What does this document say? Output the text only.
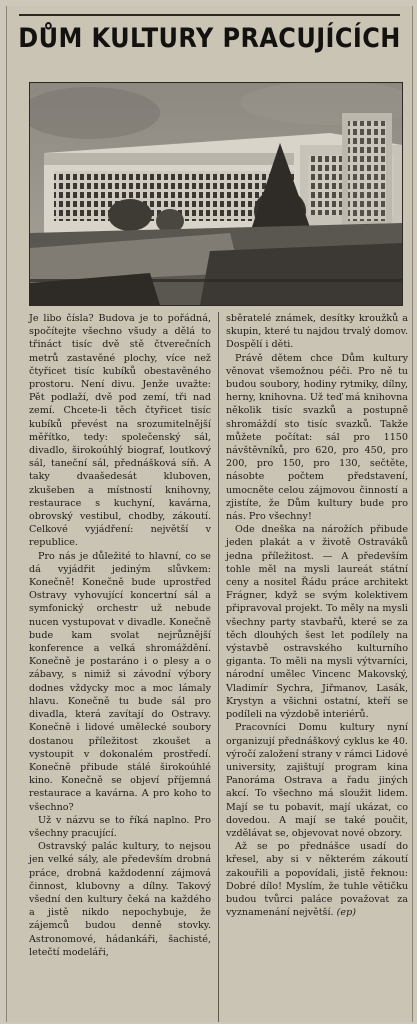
DŮM KULTURY PRACUJÍCÍCH

Je libo čísla? Budova je to pořádná, spočítejte všechno všudy a dělá to třináct tisíc dvě stě čtverečních metrů zastavěné plochy, více než čtyřicet tisíc kubíků obestavěného prostoru. Není divu. Jenže uvažte: Pět podlaží, dvě pod zemí, tři nad zemí. Chcete-li těch čtyřicet tisíc kubíků převést na srozumitelnější měřítko, tedy: společenský sál, divadlo, širokoúhlý biograf, loutkový sál, taneční sál, přednášková síň. A taky dvaašedesát kluboven, zkušeben a místností knihovny, restaurace s kuchyní, kavárna, obrovský vestibul, chodby, zákoutí. Celkové vyjádření: největší v republice.

Pro nás je důležité to hlavní, co se dá vyjádřit jediným slůvkem: Konečně! Konečně bude uprostřed Ostravy vyhovující koncertní sál a symfonický orchestr už nebude nucen vystupovat v divadle. Konečně bude kam svolat nejrůznější konference a velká shromáždění. Konečně je postaráno i o plesy a o zábavy, s nimiž si závodní výbory dodnes vždycky moc a moc lámaly hlavu. Konečně tu bude sál pro divadla, která zavítají do Ostravy. Konečně i lidové umělecké soubory dostanou příležitost zkoušet a vystoupit v dokonalém prostředí. Konečně přibude stálé širokoúhlé kino. Konečně se objeví příjemná restaurace a kavárna. A pro koho to všechno?

Už v názvu se to říká naplno. Pro všechny pracující.

Ostravský palác kultury, to nejsou jen velké sály, ale především drobná práce, drobná každodenní zájmová činnost, klubovny a dílny. Takový všední den kultury čeká na každého a jistě nikdo nepochybuje, že zájemců budou denně stovky. Astronomové, hádankáři, šachisté, letečtí modeláři,

sběratelé známek, desítky kroužků a skupin, které tu najdou trvalý domov. Dospělí i děti.

Právě dětem chce Dům kultury věnovat všemožnou péči. Pro ně tu budou soubory, hodiny rytmiky, dílny, herny, knihovna. Už teď má knihovna několik tisíc svazků a postupně shromáždí sto tisíc svazků. Takže můžete počítat: sál pro 1150 návštěvníků, pro 620, pro 450, pro 200, pro 150, pro 130, sečtěte, násobte počtem představení, umocněte celou zájmovou činností a zjistíte, že Dům kultury bude pro nás. Pro všechny!

Ode dneška na nárožích přibude jeden plakát a v životě Ostraváků jedna příležitost. — A především tohle měl na mysli laureát státní ceny a nositel Řádu práce architekt Frágner, když se svým kolektivem připravoval projekt. To měly na mysli všechny party stavbařů, které se za těch dlouhých šest let podílely na výstavbě ostravského kulturního giganta. To měli na mysli výtvarníci, národní umělec Vincenc Makovský, Vladimír Sychra, Jiřmanov, Lasák, Krystyn a všichni ostatní, kteří se podíleli na výzdobě interiérů.

Pracovníci Domu kultury nyní organizují přednáškový cyklus ke 40. výročí založení strany v rámci Lidové university, zajištují program kina Panoráma Ostrava a řadu jiných akcí. To všechno má sloužit lidem. Mají se tu pobavit, mají ukázat, co dovedou. A mají se také poučit, vzdělávat se, objevovat nové obzory.

Až se po přednášce usadí do křesel, aby si v některém zákoutí zakouřili a popovídali, jistě řeknou: Dobré dílo! Myslím, že tuhle větičku budou tvůrci paláce považovat za vyznamenání největší. (ep)
